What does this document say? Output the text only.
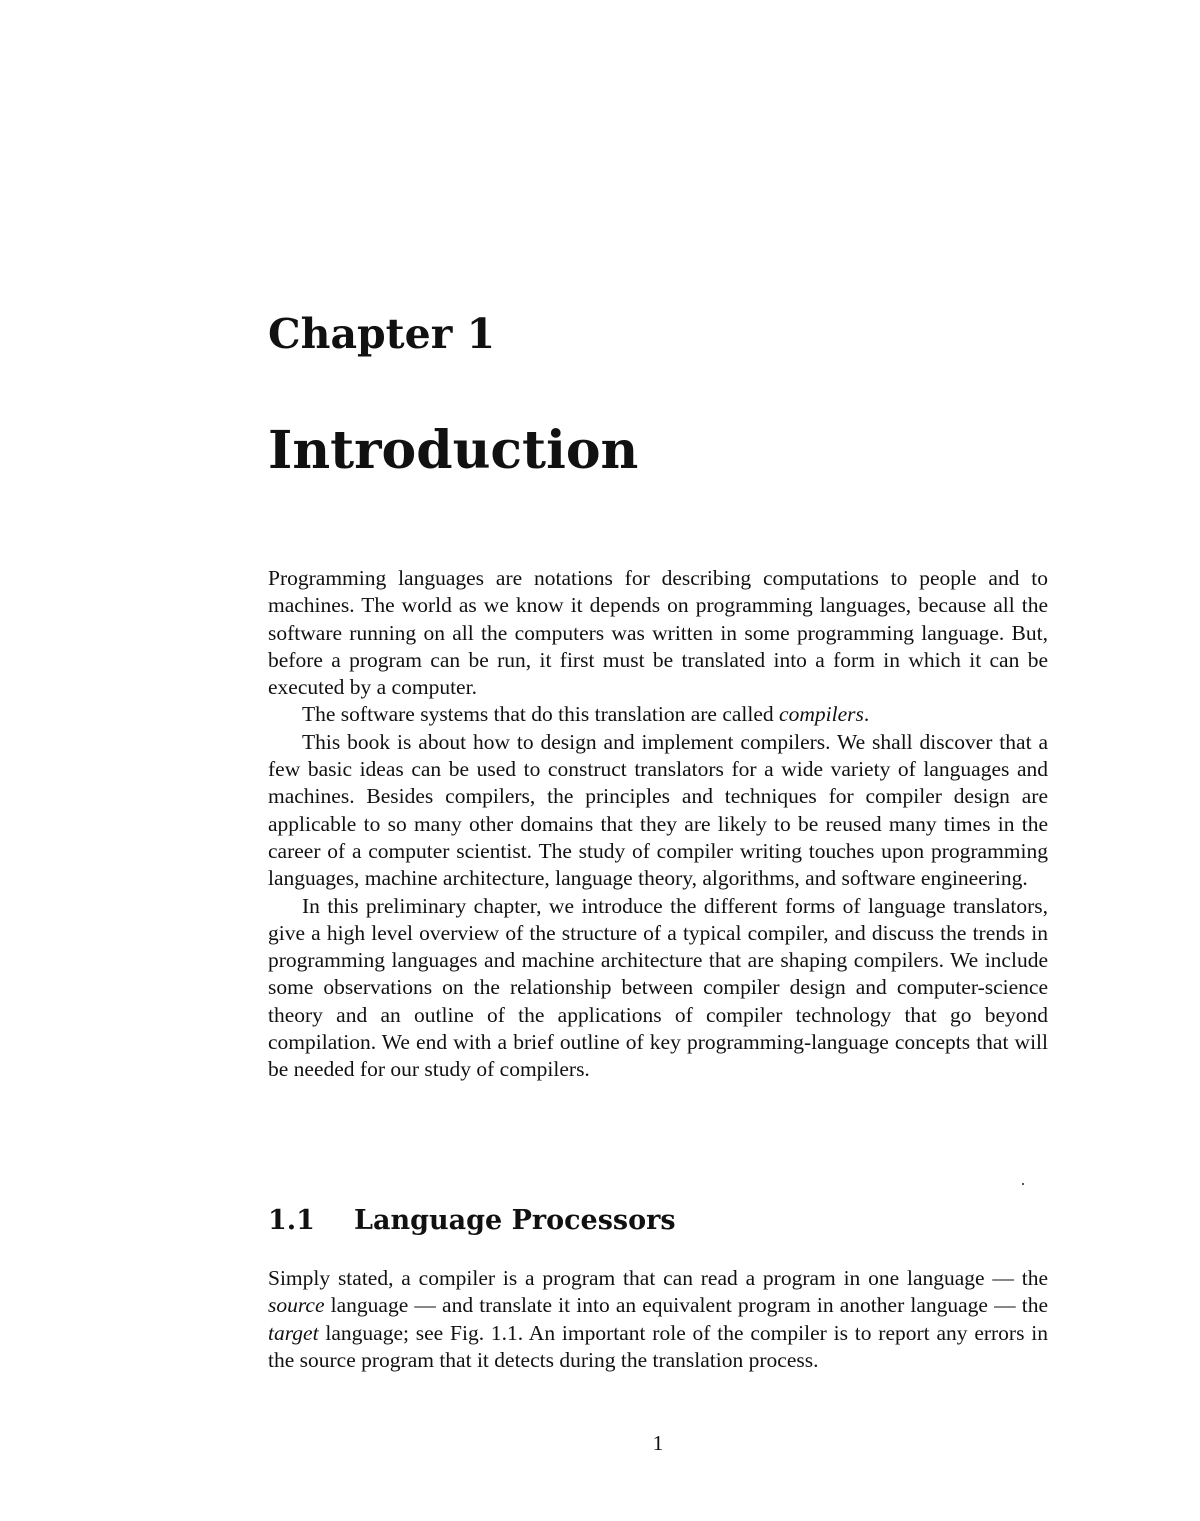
Chapter 1
Introduction

Programming languages are notations for describing computations to people and to machines. The world as we know it depends on programming languages, because all the software running on all the computers was written in some programming language. But, before a program can be run, it first must be translated into a form in which it can be executed by a computer.

The software systems that do this translation are called compilers.

This book is about how to design and implement compilers. We shall discover that a few basic ideas can be used to construct translators for a wide variety of languages and machines. Besides compilers, the principles and techniques for compiler design are applicable to so many other domains that they are likely to be reused many times in the career of a computer scientist. The study of compiler writing touches upon programming languages, machine architecture, language theory, algorithms, and software engineering.

In this preliminary chapter, we introduce the different forms of language translators, give a high level overview of the structure of a typical compiler, and discuss the trends in programming languages and machine architecture that are shaping compilers. We include some observations on the relationship between compiler design and computer-science theory and an outline of the applications of compiler technology that go beyond compilation. We end with a brief outline of key programming-language concepts that will be needed for our study of compilers.

1.1 Language Processors

Simply stated, a compiler is a program that can read a program in one language — the source language — and translate it into an equivalent program in another language — the target language; see Fig. 1.1. An important role of the compiler is to report any errors in the source program that it detects during the translation process.

1
